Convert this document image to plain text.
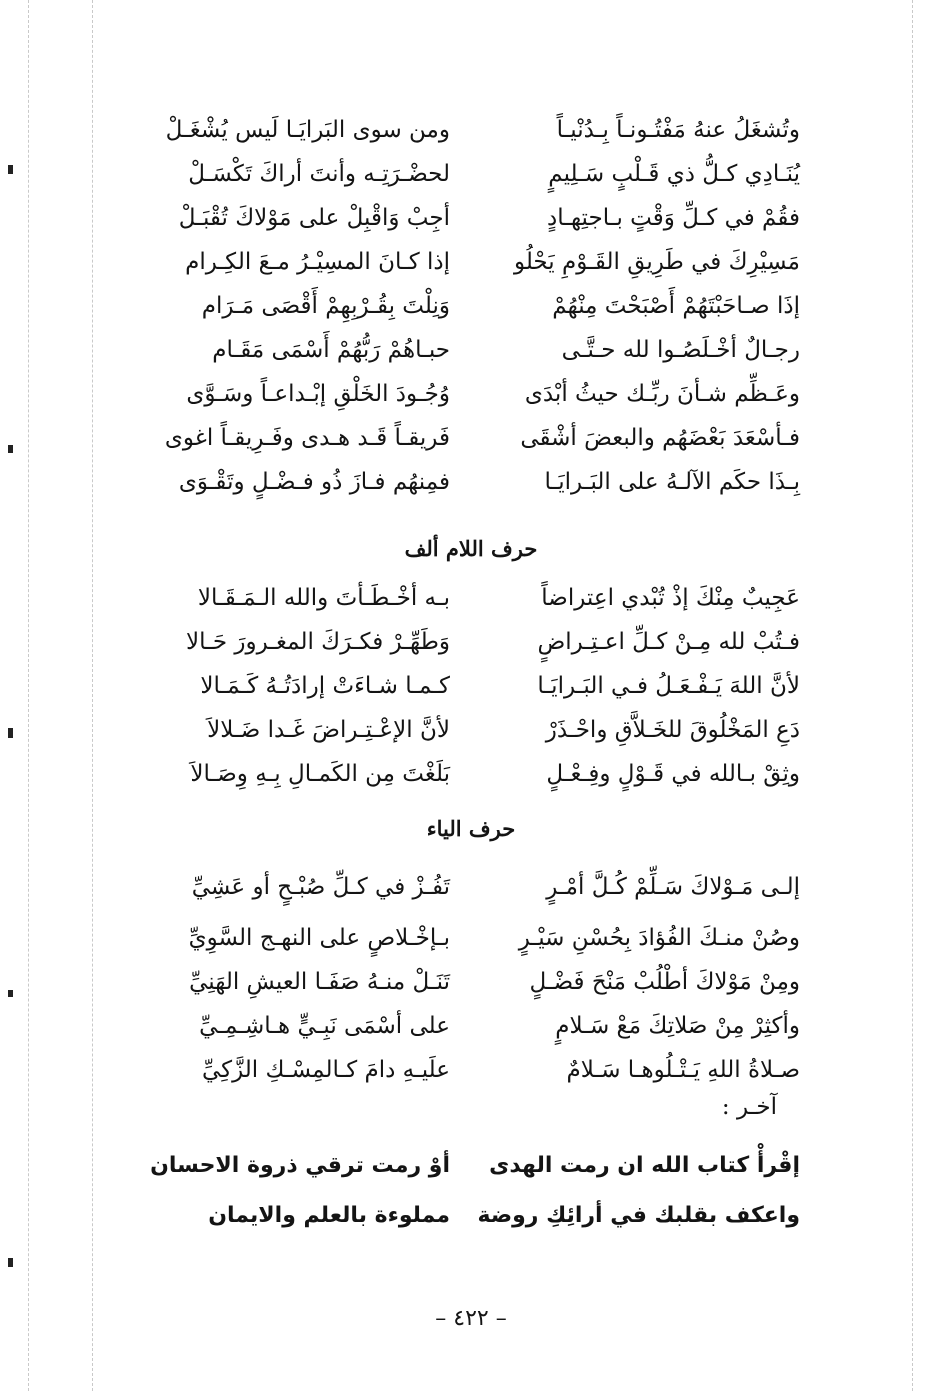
وتُشغَلُ عنهُ مَفْتُـونـاً بِـدُنْيـاً
ومن سوى البَرايَـا لَيس يُشْغَـلْ
يُنَـادِي كـلُّ ذي قَـلْبٍ سَـلِيمٍ
لحضْـرَتِـه وأنتَ أراكَ تَكْسَـلْ
فقُمْ في كـلِّ وَقْتٍ بـاجتِهـادٍ
أجِبْ وَاقْبِلْ على مَوْلاكَ تُقْبَـلْ
مَسِيْرِكَ في طَرِيقِ القَـوْمِ يَحْلُو
إذا كـانَ المسِيْـرُ مـعَ الكِـرام
إذَا صـاحَبْتَهُمْ أَصْبَحْتَ مِنْهُمْ
وَنِلْتَ بِقُـرْبِهِمْ أَقْصَى مَـرَام
رجـالٌ أخْـلَصُـوا لله حـتَّـى
حبـاهُمْ رَبُّهُمْ أَسْمَى مَقَـام
وعَـظِّم شـأنَ ربِّـك حيثُ أبْدَى
وُجُـودَ الخَلْقِ إبْـداعـاً وسَـوَّى
فـأسْعَدَ بَعْضَهُم والبعضَ أشْقَى
فَريقـاً قَـد هـدى وفَـرِيقـاً اغوى
بِـذَا حكَم الآلـهُ على البَـرايَـا
فمِنهُم فـازَ ذُو فـضْـلٍ وتَقْـوَى
حرف اللام ألف
عَجِيبٌ مِنْكَ إذْ تُبْدي اعِتراضاً
بـه أخْـطَـأتَ والله الـمَـقَـالا
فـتُبْ لله مِـنْ كـلِّ اعـتِـراضٍ
وَطَهِّـرْ فكـرَكَ المغـرورَ حَـالا
لأنَّ اللهَ يَـفْـعَـلُ فـي البَـرايَـا
كـمـا شـاءَتْ إرادَتُـهُ كَـمَـالا
دَعِ المَخْلُوقَ للخَـلاَّقِ واحْـذَرْ
لأنَّ الإعْـتِـراضَ غَـدا ضَـلالاَ
وثِقْ بـالله في قَـوْلٍ وفِـعْـلٍ
بَلَغْتَ مِن الكَمـالِ بِـهِ وِصَـالاَ
حرف الياء
إلـى مَـوْلاكَ سَـلِّمْ كُـلَّ أمْـرٍ
تَفُـزْ في كـلِّ صُبْـحٍ أو عَشِيِّ
وصُنْ منـكَ الفُؤادَ بِحُسْنِ سَيْـرٍ
بـإخْـلاصٍ على النهـج السَّوِيِّ
ومِنْ مَوْلاكَ أطْلُبْ مَنْحَ فَضْـلٍ
تَنَـلْ منـهُ صَفَـا العيشِ الهَنِيِّ
وأكثِرْ مِنْ صَلاتِكَ مَعْ سَـلامٍ
على أسْمَى نَبِـيٍّ هـاشِـمِـيِّ
صـلاةُ اللهِ يَـتْـلُوهـا سَـلامٌ
علَيـهِ دامَ كـالمِسْـكِ الزَّكِيِّ
آخـر :
إقْرأْ كتاب الله ان رمت الهدى
أوْ رمت ترقي ذروة الاحسان
واعكف بقلبك في أرائِكِ روضة
مملوءة بالعلم والايمان
– ٤٢٢ –
